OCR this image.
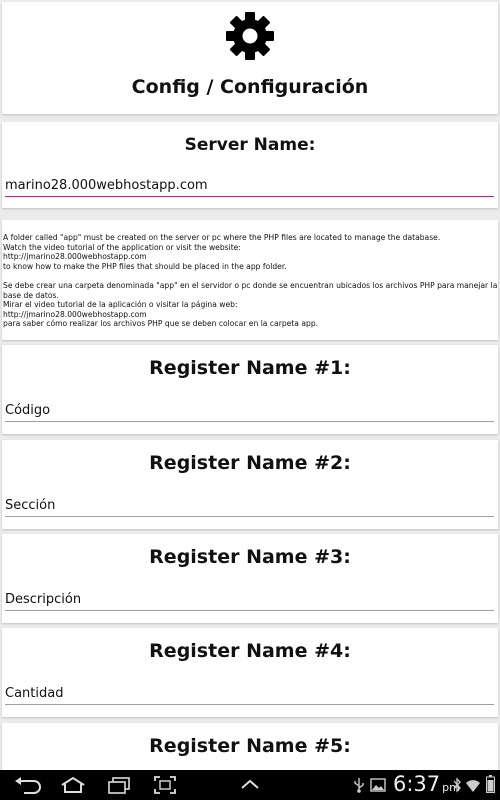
Config / Configuración
Server Name:
marino28.000webhostapp.com
A folder called "app" must be created on the server or pc where the PHP files are located to manage the database.
Watch the video tutorial of the application or visit the website:
http://jmarino28.000webhostapp.com
to know how to make the PHP files that should be placed in the app folder.

Se debe crear una carpeta denominada "app" en el servidor o pc donde se encuentran ubicados los archivos PHP para manejar la base de datos.
Mirar el video tutorial de la aplicación o visitar la página web:
http://jmarino28.000webhostapp.com
para saber cómo realizar los archivos PHP que se deben colocar en la carpeta app.
Register Name #1:
Código
Register Name #2:
Sección
Register Name #3:
Descripción
Register Name #4:
Cantidad
Register Name #5:
6:37 pm
